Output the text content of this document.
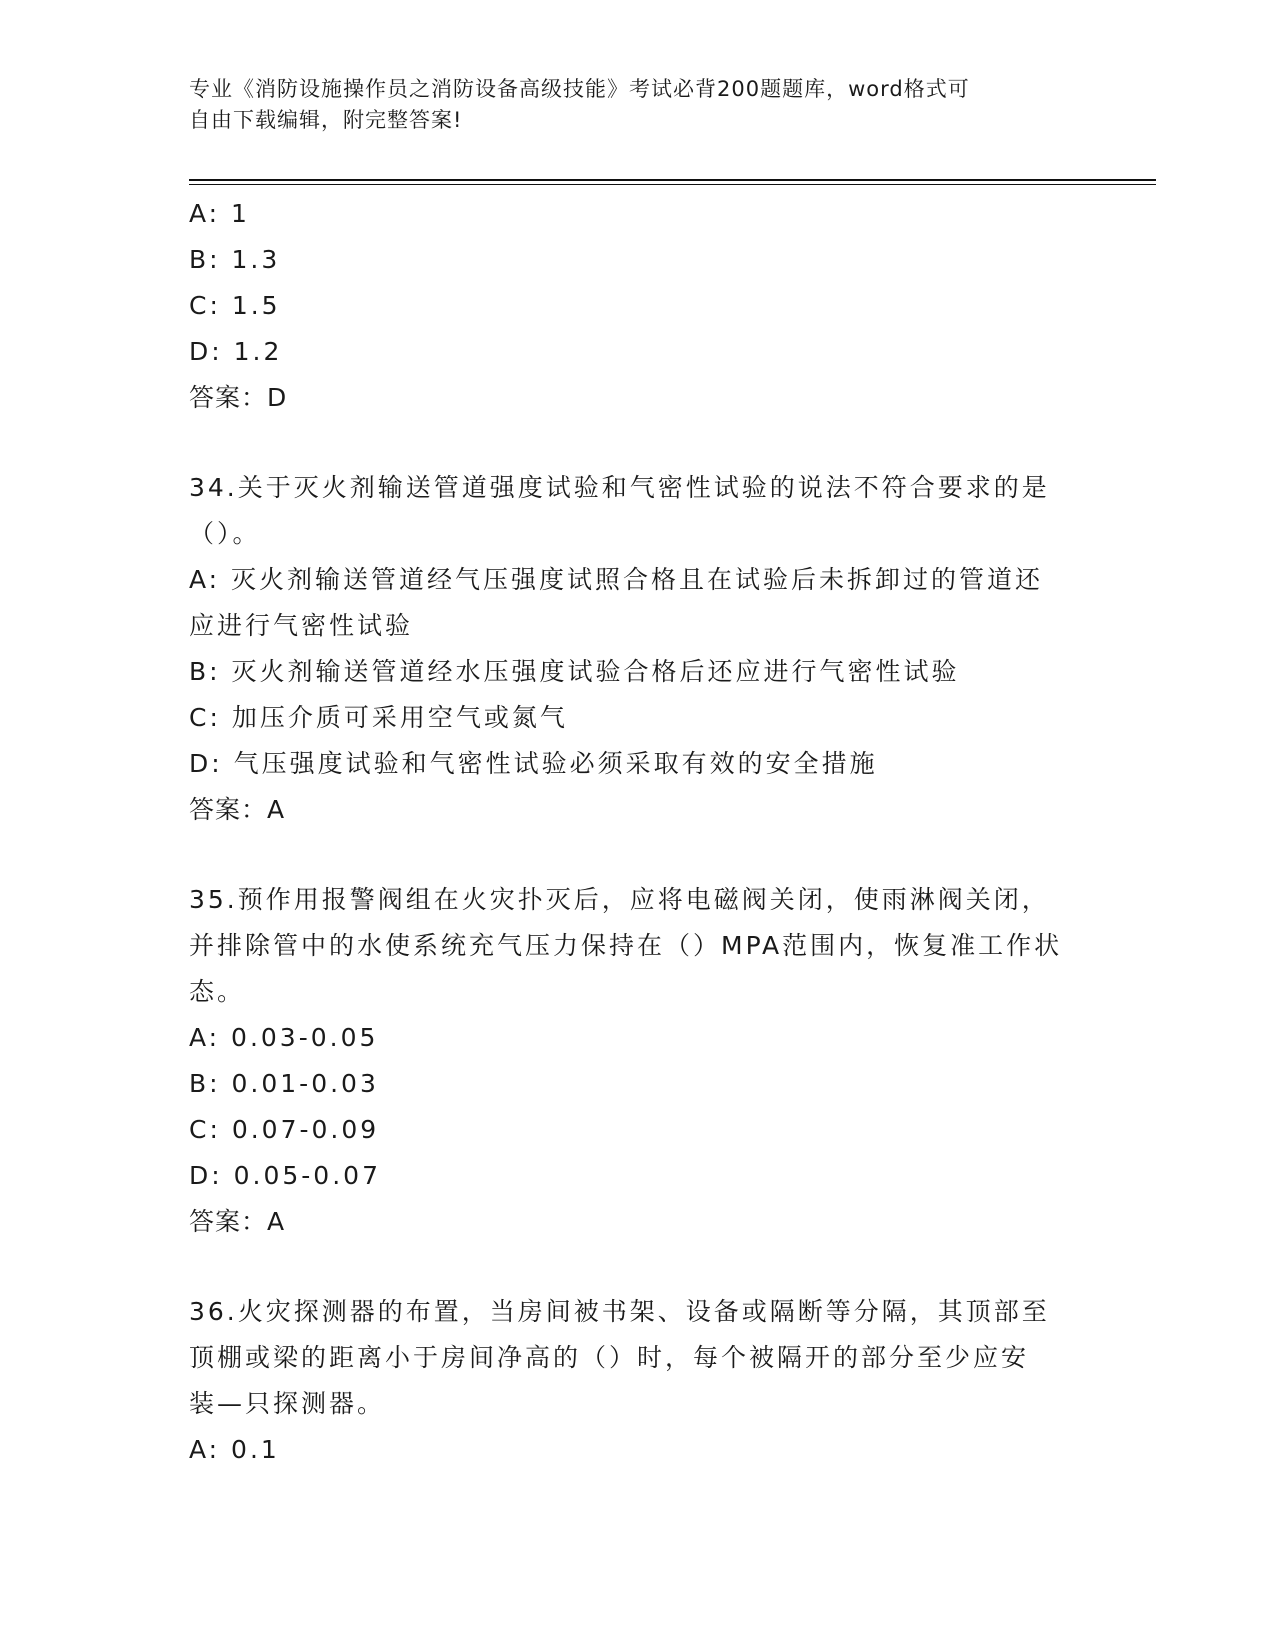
专业《消防设施操作员之消防设备高级技能》考试必背200题题库，word格式可
自由下载编辑，附完整答案!
A: 1
B: 1.3
C: 1.5
D: 1.2
答案：D
34.关于灭火剂输送管道强度试验和气密性试验的说法不符合要求的是
（）。
A: 灭火剂输送管道经气压强度试照合格且在试验后未拆卸过的管道还
应进行气密性试验
B: 灭火剂输送管道经水压强度试验合格后还应进行气密性试验
C: 加压介质可采用空气或氮气
D: 气压强度试验和气密性试验必须采取有效的安全措施
答案：A
35.预作用报警阀组在火灾扑灭后，应将电磁阀关闭，使雨淋阀关闭，
并排除管中的水使系统充气压力保持在（）MPA范围内，恢复准工作状
态。
A: 0.03-0.05
B: 0.01-0.03
C: 0.07-0.09
D: 0.05-0.07
答案：A
36.火灾探测器的布置，当房间被书架、设备或隔断等分隔，其顶部至
顶棚或梁的距离小于房间净高的（）时，每个被隔开的部分至少应安
装—只探测器。
A: 0.1
